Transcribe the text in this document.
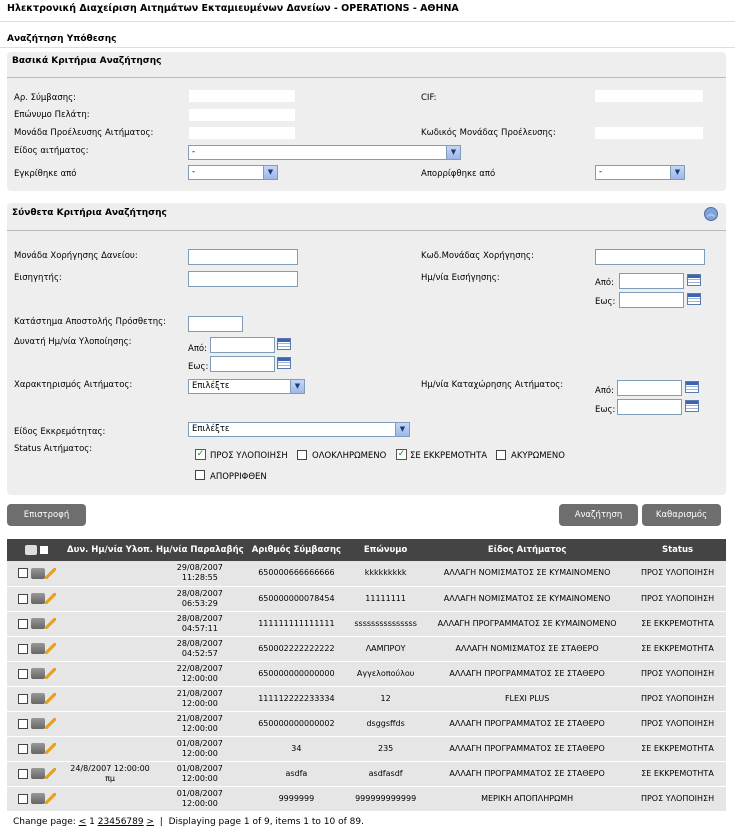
Ηλεκτρονική Διαχείριση Αιτημάτων Εκταμιευμένων Δανείων - OPERATIONS - ΑΘΗΝΑ
Αναζήτηση Υπόθεσης
Βασικά Κριτήρια Αναζήτησης
Αρ. Σύμβασης:	CIF:
Επώνυμο Πελάτη:
Μονάδα Προέλευσης Αιτήματος:	Κωδικός Μονάδας Προέλευσης:
Είδος αιτήματος:	-	▼
Εγκρίθηκε από	-	▼	Απορρίφθηκε από	-	▼
Σύνθετα Κριτήρια Αναζήτησης	︽
Μονάδα Χορήγησης Δανείου:	Κωδ.Μονάδας Χορήγησης:
Εισηγητής:	Ημ/νία Εισήγησης:	Από:
Εως:
Κατάστημα Αποστολής Πρόσθετης:
Δυνατή Ημ/νία Υλοποίησης:
Από:
Εως:
Χαρακτηρισμός Αιτήματος:	Επιλέξτε	▼	Ημ/νία Καταχώρησης Αιτήματος:
Από:
Εως:
Είδος Εκκρεμότητας:	Επιλέξτε	▼
Status Αιτήματος:	✓ ΠΡΟΣ ΥΛΟΠΟΙΗΣΗ	ΟΛΟΚΛΗΡΩΜΕΝΟ ✓ ΣΕ ΕΚΚΡΕΜΟΤΗΤΑ	ΑΚΥΡΩΜΕΝΟ
ΑΠΟΡΡΙΦΘΕΝ
Επιστροφή	Αναζήτηση	Καθαρισμός
	Δυν. Ημ/νία Υλοπ.	Ημ/νία Παραλαβής	Αριθμός Σύμβασης	Επώνυμο	Είδος Αιτήματος	Status
		29/08/2007
11:28:55	650000666666666	kkkkkkkkk	ΑΛΛΑΓΗ ΝΟΜΙΣΜΑΤΟΣ ΣΕ ΚΥΜΑΙΝΟΜΕΝΟ	ΠΡΟΣ ΥΛΟΠΟΙΗΣΗ
		28/08/2007
06:53:29	650000000078454	11111111	ΑΛΛΑΓΗ ΝΟΜΙΣΜΑΤΟΣ ΣΕ ΚΥΜΑΙΝΟΜΕΝΟ	ΠΡΟΣ ΥΛΟΠΟΙΗΣΗ
		28/08/2007
04:57:11	111111111111111	sssssssssssssss	ΑΛΛΑΓΗ ΠΡΟΓΡΑΜΜΑΤΟΣ ΣΕ ΚΥΜΑΙΝΟΜΕΝΟ	ΣΕ ΕΚΚΡΕΜΟΤΗΤΑ
		28/08/2007
04:52:57	650002222222222	ΛΑΜΠΡΟΥ	ΑΛΛΑΓΗ ΝΟΜΙΣΜΑΤΟΣ ΣΕ ΣΤΑΘΕΡΟ	ΣΕ ΕΚΚΡΕΜΟΤΗΤΑ
		22/08/2007
12:00:00	650000000000000	Αγγελοπούλου	ΑΛΛΑΓΗ ΠΡΟΓΡΑΜΜΑΤΟΣ ΣΕ ΣΤΑΘΕΡΟ	ΠΡΟΣ ΥΛΟΠΟΙΗΣΗ
		21/08/2007
12:00:00	111112222233334	12	FLEXI PLUS	ΠΡΟΣ ΥΛΟΠΟΙΗΣΗ
		21/08/2007
12:00:00	650000000000002	dsggsffds	ΑΛΛΑΓΗ ΠΡΟΓΡΑΜΜΑΤΟΣ ΣΕ ΣΤΑΘΕΡΟ	ΠΡΟΣ ΥΛΟΠΟΙΗΣΗ
		01/08/2007
12:00:00	34	235	ΑΛΛΑΓΗ ΠΡΟΓΡΑΜΜΑΤΟΣ ΣΕ ΣΤΑΘΕΡΟ	ΣΕ ΕΚΚΡΕΜΟΤΗΤΑ
	24/8/2007 12:00:00 πμ	01/08/2007
12:00:00	asdfa	asdfasdf	ΑΛΛΑΓΗ ΠΡΟΓΡΑΜΜΑΤΟΣ ΣΕ ΣΤΑΘΕΡΟ	ΣΕ ΕΚΚΡΕΜΟΤΗΤΑ
		01/08/2007
12:00:00	9999999	999999999999	ΜΕΡΙΚΗ ΑΠΟΠΛΗΡΩΜΗ	ΠΡΟΣ ΥΛΟΠΟΙΗΣΗ
Change page: < 1 23456789 > | Displaying page 1 of 9, items 1 to 10 of 89.
